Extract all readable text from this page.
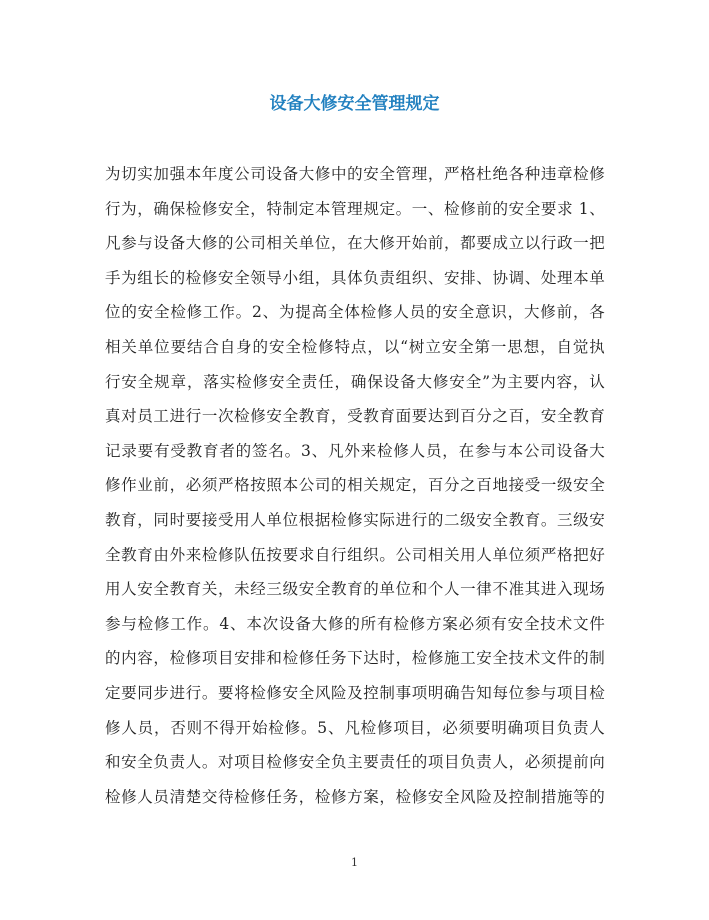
设备大修安全管理规定
为切实加强本年度公司设备大修中的安全管理，严格杜绝各种违章检修
行为，确保检修安全，特制定本管理规定。一、检修前的安全要求 1、
凡参与设备大修的公司相关单位，在大修开始前，都要成立以行政一把
手为组长的检修安全领导小组，具体负责组织、安排、协调、处理本单
位的安全检修工作。2、为提高全体检修人员的安全意识，大修前，各
相关单位要结合自身的安全检修特点，以“树立安全第一思想，自觉执
行安全规章，落实检修安全责任，确保设备大修安全”为主要内容，认
真对员工进行一次检修安全教育，受教育面要达到百分之百，安全教育
记录要有受教育者的签名。3、凡外来检修人员，在参与本公司设备大
修作业前，必须严格按照本公司的相关规定，百分之百地接受一级安全
教育，同时要接受用人单位根据检修实际进行的二级安全教育。三级安
全教育由外来检修队伍按要求自行组织。公司相关用人单位须严格把好
用人安全教育关，未经三级安全教育的单位和个人一律不准其进入现场
参与检修工作。4、本次设备大修的所有检修方案必须有安全技术文件
的内容，检修项目安排和检修任务下达时，检修施工安全技术文件的制
定要同步进行。要将检修安全风险及控制事项明确告知每位参与项目检
修人员，否则不得开始检修。5、凡检修项目，必须要明确项目负责人
和安全负责人。对项目检修安全负主要责任的项目负责人，必须提前向
检修人员清楚交待检修任务，检修方案，检修安全风险及控制措施等的
1
